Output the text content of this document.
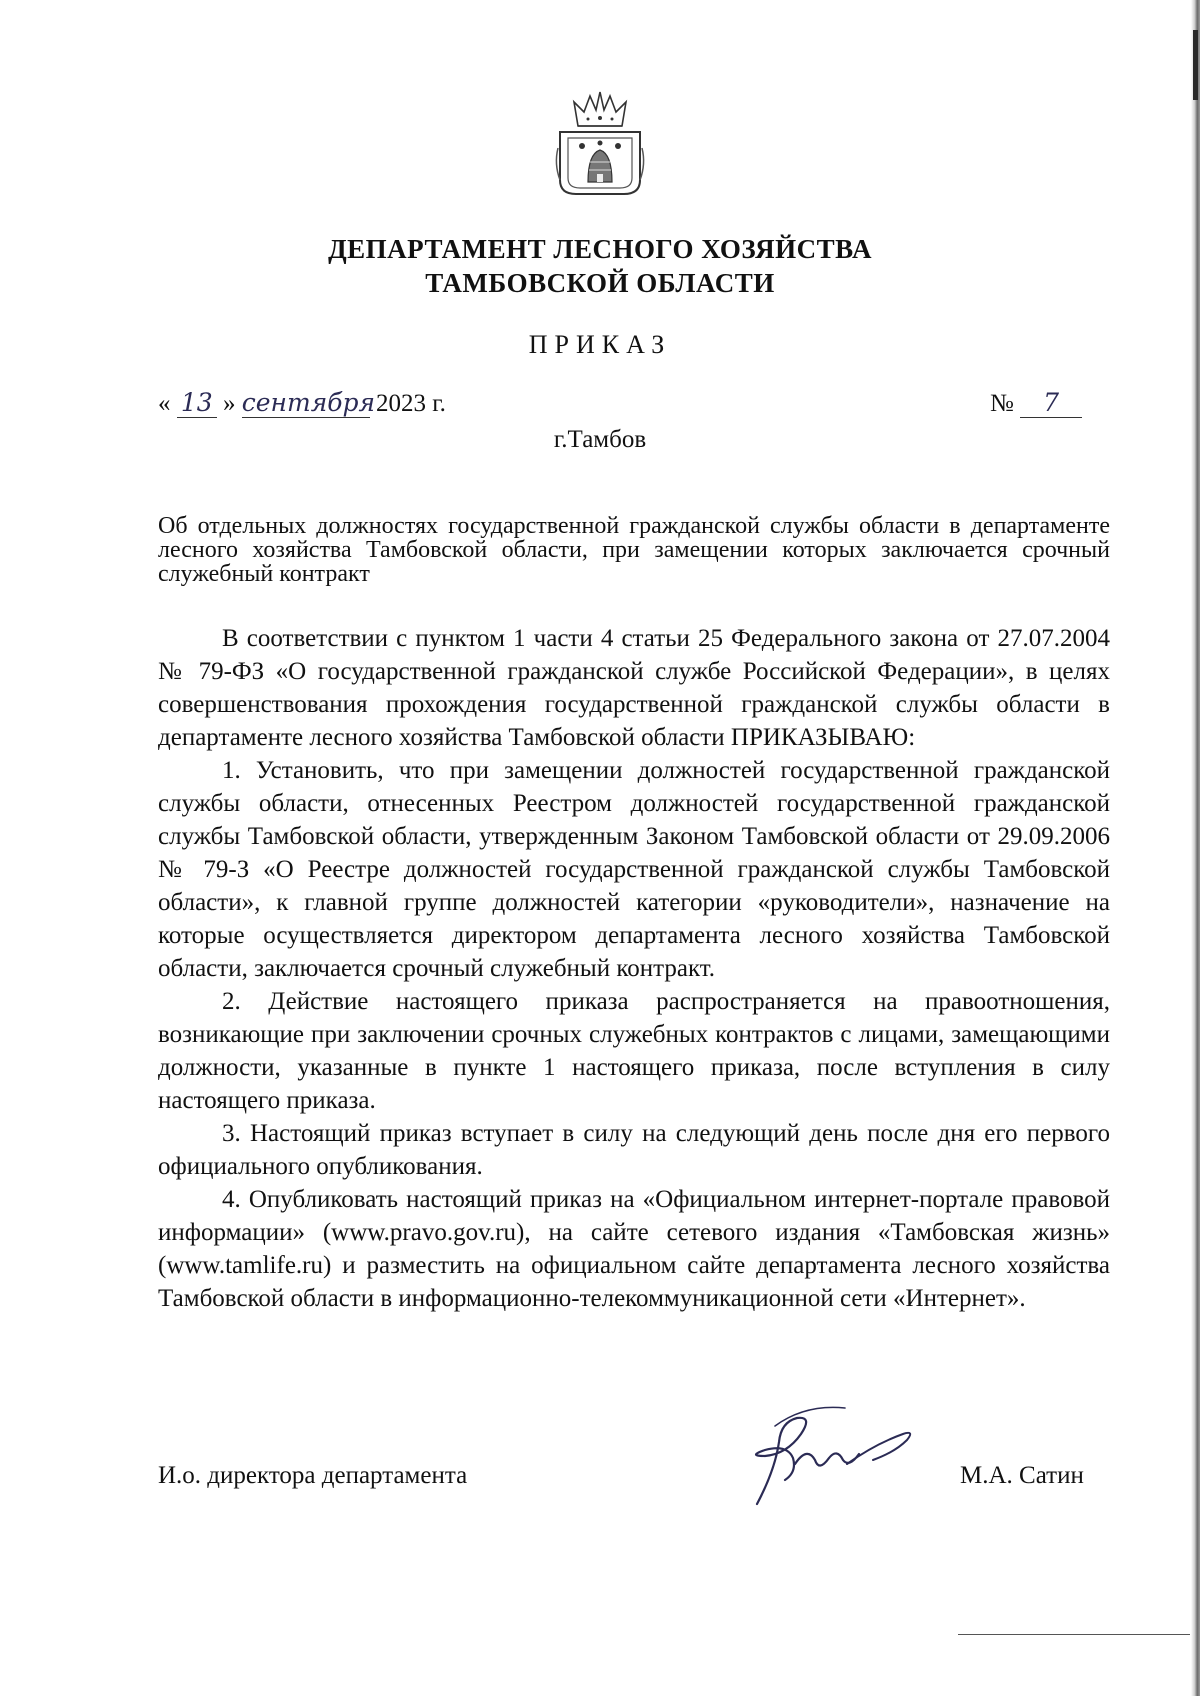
ДЕПАРТАМЕНТ ЛЕСНОГО ХОЗЯЙСТВА
ТАМБОВСКОЙ ОБЛАСТИ
ПРИКАЗ
« 13 » сентября 2023 г.	№ 7
г.Тамбов
Об отдельных должностях государственной гражданской службы области в департаменте лесного хозяйства Тамбовской области, при замещении которых заключается срочный служебный контракт

В соответствии с пунктом 1 части 4 статьи 25 Федерального закона от 27.07.2004 № 79-ФЗ «О государственной гражданской службе Российской Федерации», в целях совершенствования прохождения государственной гражданской службы области в департаменте лесного хозяйства Тамбовской области ПРИКАЗЫВАЮ:

1. Установить, что при замещении должностей государственной гражданской службы области, отнесенных Реестром должностей государственной гражданской службы Тамбовской области, утвержденным Законом Тамбовской области от 29.09.2006 № 79-З «О Реестре должностей государственной гражданской службы Тамбовской области», к главной группе должностей категории «руководители», назначение на которые осуществляется директором департамента лесного хозяйства Тамбовской области, заключается срочный служебный контракт.

2. Действие настоящего приказа распространяется на правоотношения, возникающие при заключении срочных служебных контрактов с лицами, замещающими должности, указанные в пункте 1 настоящего приказа, после вступления в силу настоящего приказа.

3. Настоящий приказ вступает в силу на следующий день после дня его первого официального опубликования.

4. Опубликовать настоящий приказ на «Официальном интернет-портале правовой информации» (www.pravo.gov.ru), на сайте сетевого издания «Тамбовская жизнь» (www.tamlife.ru) и разместить на официальном сайте департамента лесного хозяйства Тамбовской области в информационно-телекоммуникационной сети «Интернет».

И.о. директора департамента	М.А. Сатин
